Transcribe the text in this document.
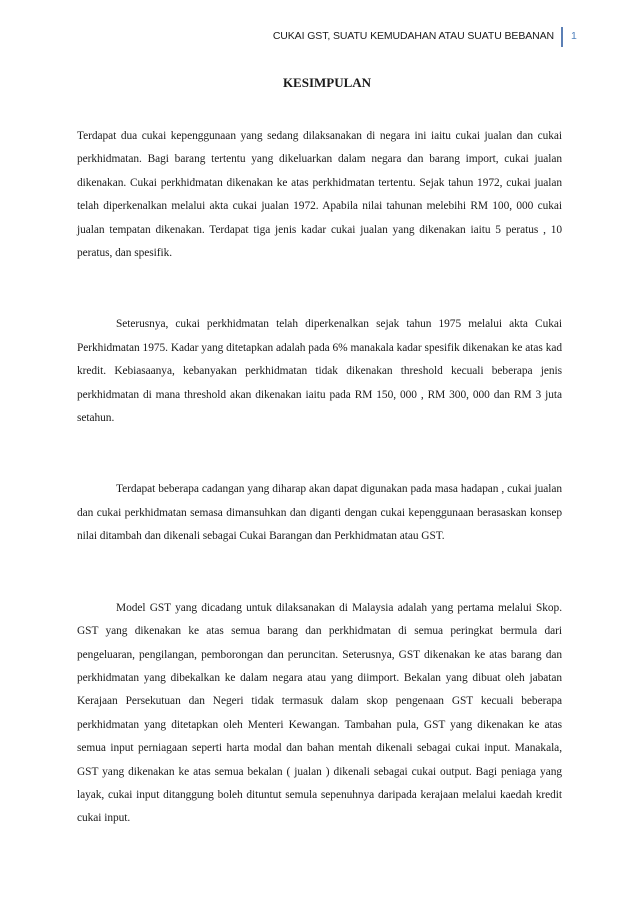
CUKAI GST, SUATU KEMUDAHAN ATAU SUATU BEBANAN 1
KESIMPULAN

Terdapat dua cukai kepenggunaan yang sedang dilaksanakan di negara ini iaitu cukai jualan dan cukai perkhidmatan. Bagi barang tertentu yang dikeluarkan dalam negara dan barang import, cukai jualan dikenakan. Cukai perkhidmatan dikenakan ke atas perkhidmatan tertentu. Sejak tahun 1972, cukai jualan telah diperkenalkan melalui akta cukai jualan 1972. Apabila nilai tahunan melebihi RM 100, 000 cukai jualan tempatan dikenakan. Terdapat tiga jenis kadar cukai jualan yang dikenakan iaitu 5 peratus , 10 peratus, dan spesifik.

Seterusnya, cukai perkhidmatan telah diperkenalkan sejak tahun 1975 melalui akta Cukai Perkhidmatan 1975. Kadar yang ditetapkan adalah pada 6% manakala kadar spesifik dikenakan ke atas kad kredit. Kebiasaanya, kebanyakan perkhidmatan tidak dikenakan threshold kecuali beberapa jenis perkhidmatan di mana threshold akan dikenakan iaitu pada RM 150, 000 , RM 300, 000 dan RM 3 juta setahun.

Terdapat beberapa cadangan yang diharap akan dapat digunakan pada masa hadapan , cukai jualan dan cukai perkhidmatan semasa dimansuhkan dan diganti dengan cukai kepenggunaan berasaskan konsep nilai ditambah dan dikenali sebagai Cukai Barangan dan Perkhidmatan atau GST.

Model GST yang dicadang untuk dilaksanakan di Malaysia adalah yang pertama melalui Skop. GST yang dikenakan ke atas semua barang dan perkhidmatan di semua peringkat bermula dari pengeluaran, pengilangan, pemborongan dan peruncitan. Seterusnya, GST dikenakan ke atas barang dan perkhidmatan yang dibekalkan ke dalam negara atau yang diimport. Bekalan yang dibuat oleh jabatan Kerajaan Persekutuan dan Negeri tidak termasuk dalam skop pengenaan GST kecuali beberapa perkhidmatan yang ditetapkan oleh Menteri Kewangan. Tambahan pula, GST yang dikenakan ke atas semua input perniagaan seperti harta modal dan bahan mentah dikenali sebagai cukai input. Manakala, GST yang dikenakan ke atas semua bekalan ( jualan ) dikenali sebagai cukai output. Bagi peniaga yang layak, cukai input ditanggung boleh dituntut semula sepenuhnya daripada kerajaan melalui kaedah kredit cukai input.
